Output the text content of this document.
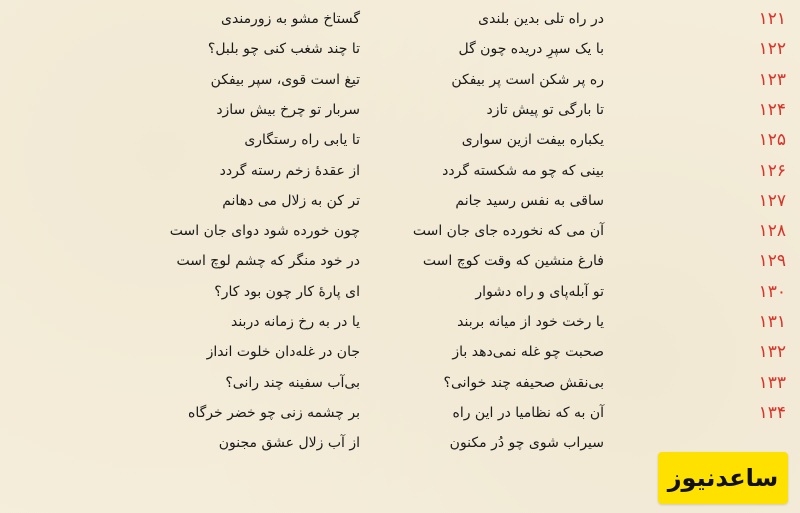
۱۲۱
در راه تلی بدین بلندی
گستاخ مشو به زورمندی
۱۲۲
با یک سپرِ دریده چون گل
تا چند شغب کنی چو بلبل؟
۱۲۳
ره پر شکن است پر بیفکن
تیغ است قوی، سپر بیفکن
۱۲۴
تا بارگی تو پیش تازد
سربار تو چرخ بیش سازد
۱۲۵
یکباره بیفت ازین سواری
تا یابی راه رستگاری
۱۲۶
بینی که چو مه شکسته گردد
از عقدهٔ زخم رسته گردد
۱۲۷
ساقی به نفس رسید جانم
تر کن به زلال می دهانم
۱۲۸
آن می که نخورده جای جان است
چون خورده شود دوای جان است
۱۲۹
فارغ منشین که وقت کوچ است
در خود منگر که چشم لوچ است
۱۳۰
تو آبله‌پای و راه دشوار
ای پارهٔ کار چون بود کار؟
۱۳۱
یا رخت خود از میانه بربند
یا در به رخ زمانه دربند
۱۳۲
صحبت چو غله نمی‌دهد باز
جان در غله‌دان خلوت انداز
۱۳۳
بی‌نقش صحیفه چند خوانی؟
بی‌آب سفینه چند رانی؟
۱۳۴
آن به که نظامیا در این راه
بر چشمه زنی چو خضر خرگاه
سیراب شوی چو دُر مکنون
از آب زلال عشق مجنون
ساعدنیوز
